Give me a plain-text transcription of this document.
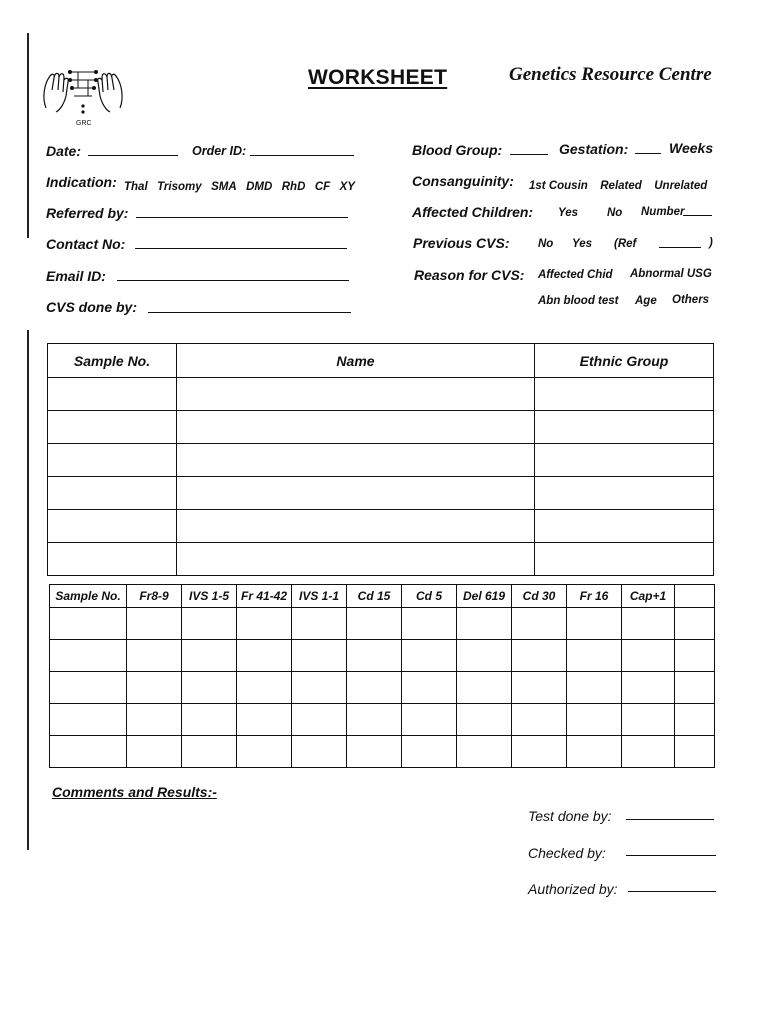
GRC
WORKSHEET	Genetics Resource Centre
Date:	Order ID:
Indication: Thal Trisomy SMA DMD RhD CF XY
Referred by:
Contact No:
Email ID:
CVS done by:
Blood Group:	Gestation:	Weeks
Consanguinity: 1st Cousin Related Unrelated
Affected Children: Yes	No Number
Previous CVS: No Yes (Ref	)
Reason for CVS: Affected Chid Abnormal USG
Abn blood test Age Others
Sample No.	Name	Ethnic Group

Sample No.	Fr8-9	IVS 1-5	Fr 41-42	IVS 1-1	Cd 15	Cd 5	Del 619	Cd 30	Fr 16	Cap+1	

Comments and Results:-
Test done by:
Checked by:
Authorized by:
